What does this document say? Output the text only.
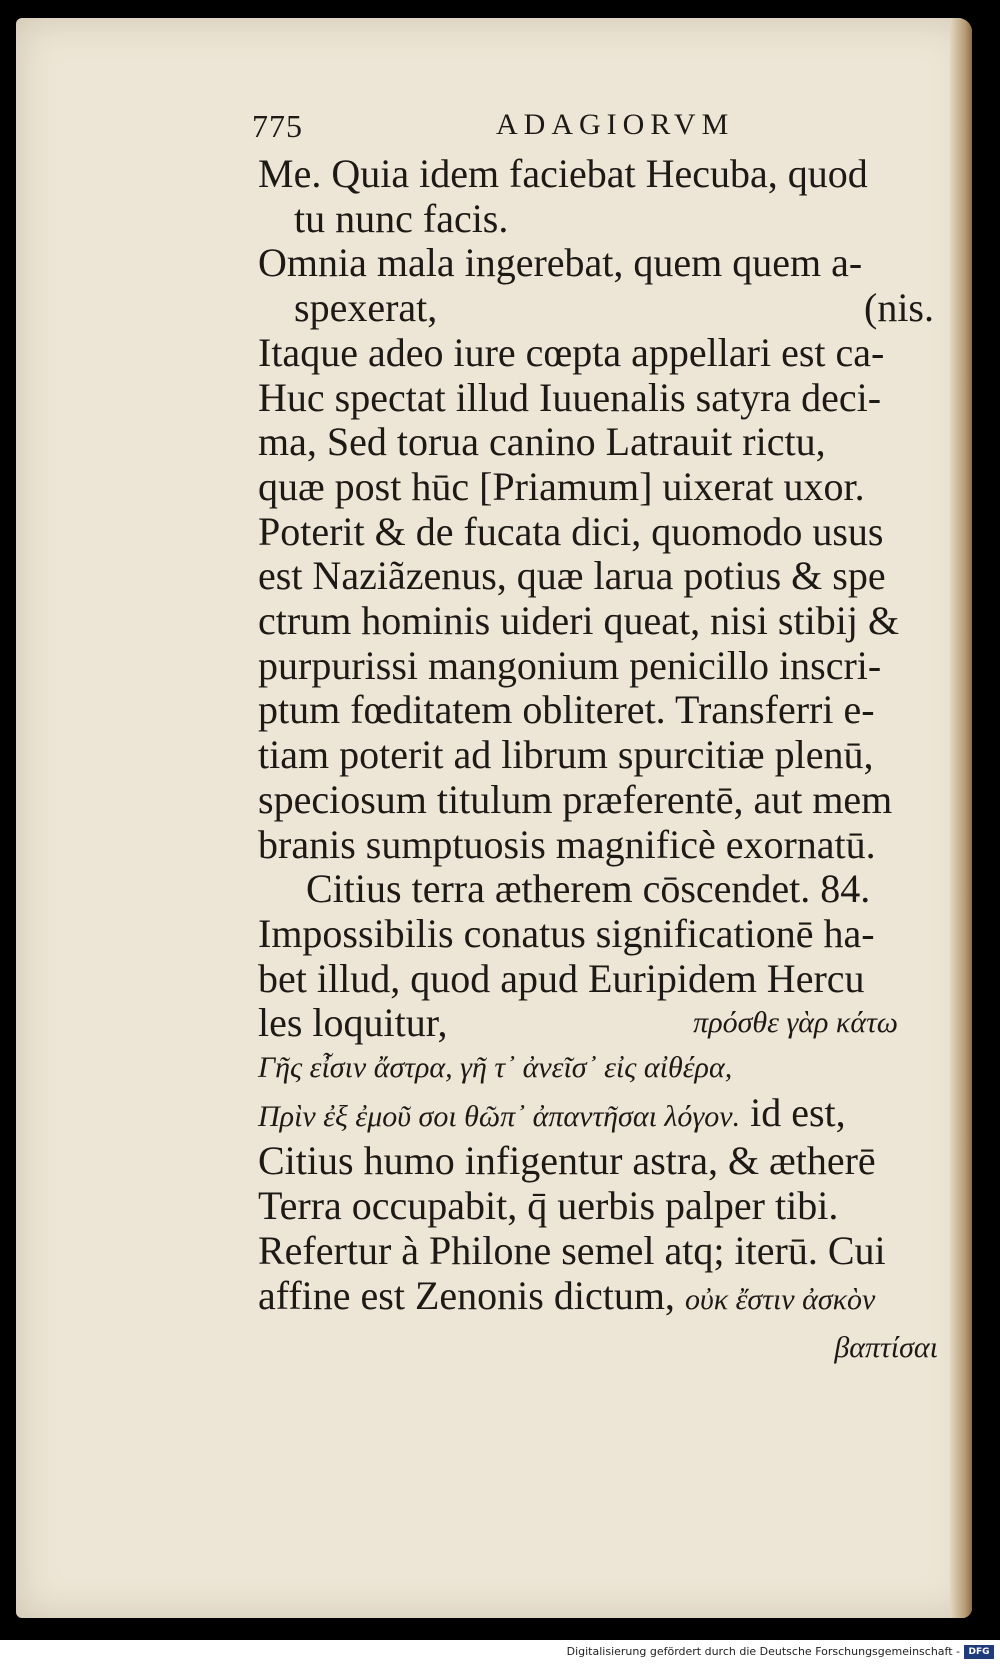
775	ADAGIORVM
Me. Quia idem faciebat Hecuba, quod
tu nunc facis.
Omnia mala ingerebat, quem quem a-
spexerat,	(nis.
Itaque adeo iure cœpta appellari est ca-
Huc spectat illud Iuuenalis satyra deci-
ma, Sed torua canino Latrauit rictu,
quæ post hūc [Priamum] uixerat uxor.
Poterit & de fucata dici, quomodo usus
est Naziãzenus, quæ larua potius & spe
ctrum hominis uideri queat, nisi stibij &
purpurissi mangonium penicillo inscri-
ptum fœditatem obliteret. Transferri e-
tiam poterit ad librum spurcitiæ plenū,
speciosum titulum præferentē, aut mem
branis sumptuosis magnificè exornatū.
Citius terra ætherem cōscendet. 84.
Impossibilis conatus significationē ha-
bet illud, quod apud Euripidem Hercu
les loquitur,	πρόσθε γὰρ κάτω
Γῆς εἶσιν ἄστρα, γῆ τ᾽ ἀνεῖσ᾽ εἰς αἰθέρα,
Πρὶν ἐξ ἐμοῦ σοι θῶπ᾽ ἀπαντῆσαι λόγον. id est,
Citius humo infigentur astra, & ætherē
Terra occupabit, q̄ uerbis palper tibi.
Refertur à Philone semel atq; iterū. Cui
affine est Zenonis dictum, οὐκ ἔστιν ἀσκὸν
βαπτίσαι
Digitalisierung gefördert durch die Deutsche Forschungsgemeinschaft - DFG
